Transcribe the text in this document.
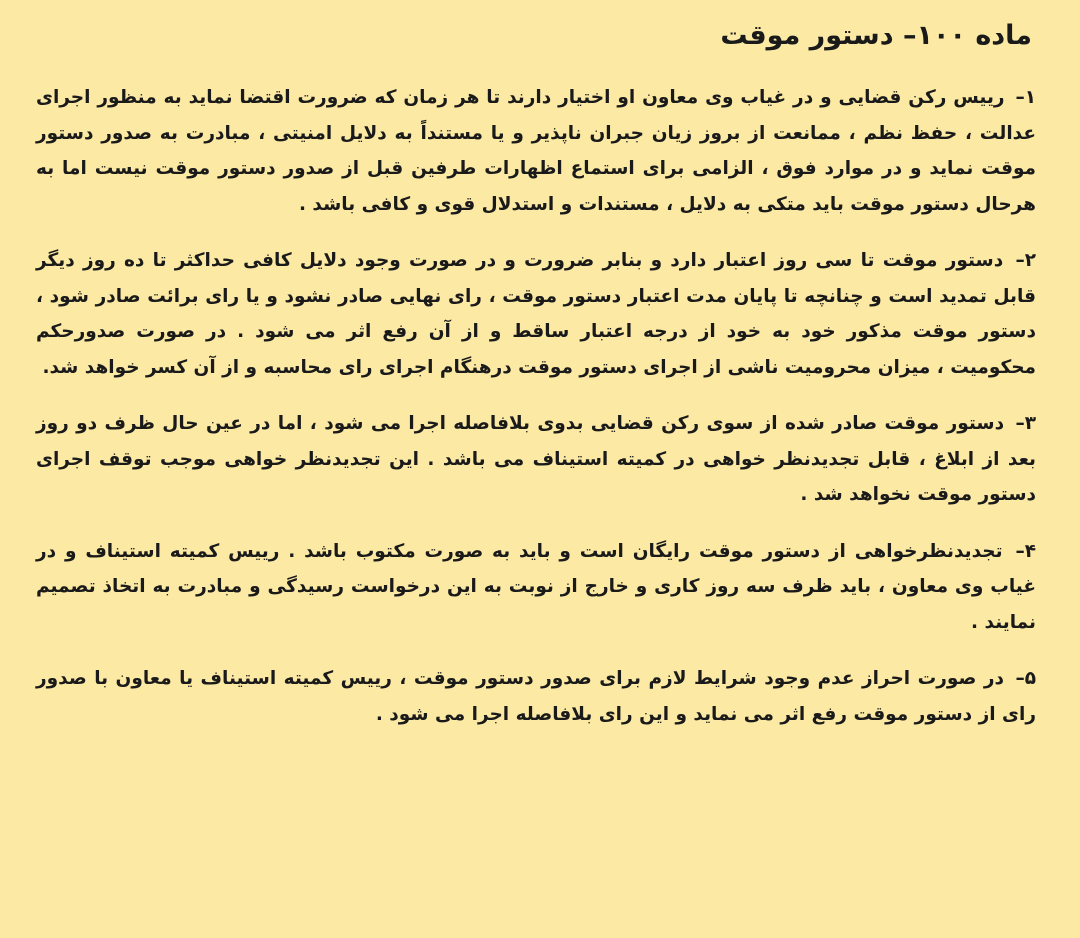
ماده ۱۰۰– دستور موقت

۱– رییس رکن قضایی و در غیاب وی معاون او اختیار دارند تا هر زمان که ضرورت اقتضا نماید به منظور اجرای عدالت ، حفظ نظم ، ممانعت از بروز زیان جبران ناپذیر و یا مستنداً به دلایل امنیتی ، مبادرت به صدور دستور موقت نماید و در موارد فوق ، الزامی برای استماع اظهارات طرفین قبل از صدور دستور موقت نیست اما به هرحال دستور موقت باید متکی به دلایل ، مستندات و استدلال قوی و کافی باشد .

۲– دستور موقت تا سی روز اعتبار دارد و بنابر ضرورت و در صورت وجود دلایل کافی حداکثر تا ده روز دیگر قابل تمدید است و چنانچه تا پایان مدت اعتبار دستور موقت ، رای نهایی صادر نشود و یا رای برائت صادر شود ، دستور موقت مذکور خود به خود از درجه اعتبار ساقط و از آن رفع اثر می شود . در صورت صدورحکم محکومیت ، میزان محرومیت ناشی از اجرای دستور موقت درهنگام اجرای رای محاسبه و از آن کسر خواهد شد.

۳– دستور موقت صادر شده از سوی رکن قضایی بدوی بلافاصله اجرا می شود ، اما در عین حال ظرف دو روز بعد از ابلاغ ، قابل تجدیدنظر خواهی در کمیته استیناف می باشد . این تجدیدنظر خواهی موجب توقف اجرای دستور موقت نخواهد شد .

۴– تجدیدنظرخواهی از دستور موقت رایگان است و باید به صورت مکتوب باشد . رییس کمیته استیناف و در غیاب وی معاون ، باید ظرف سه روز کاری و خارج از نوبت به این درخواست رسیدگی و مبادرت به اتخاذ تصمیم نمایند .

۵– در صورت احراز عدم وجود شرایط لازم برای صدور دستور موقت ، رییس کمیته استیناف یا معاون با صدور رای از دستور موقت رفع اثر می نماید و این رای بلافاصله اجرا می شود .
